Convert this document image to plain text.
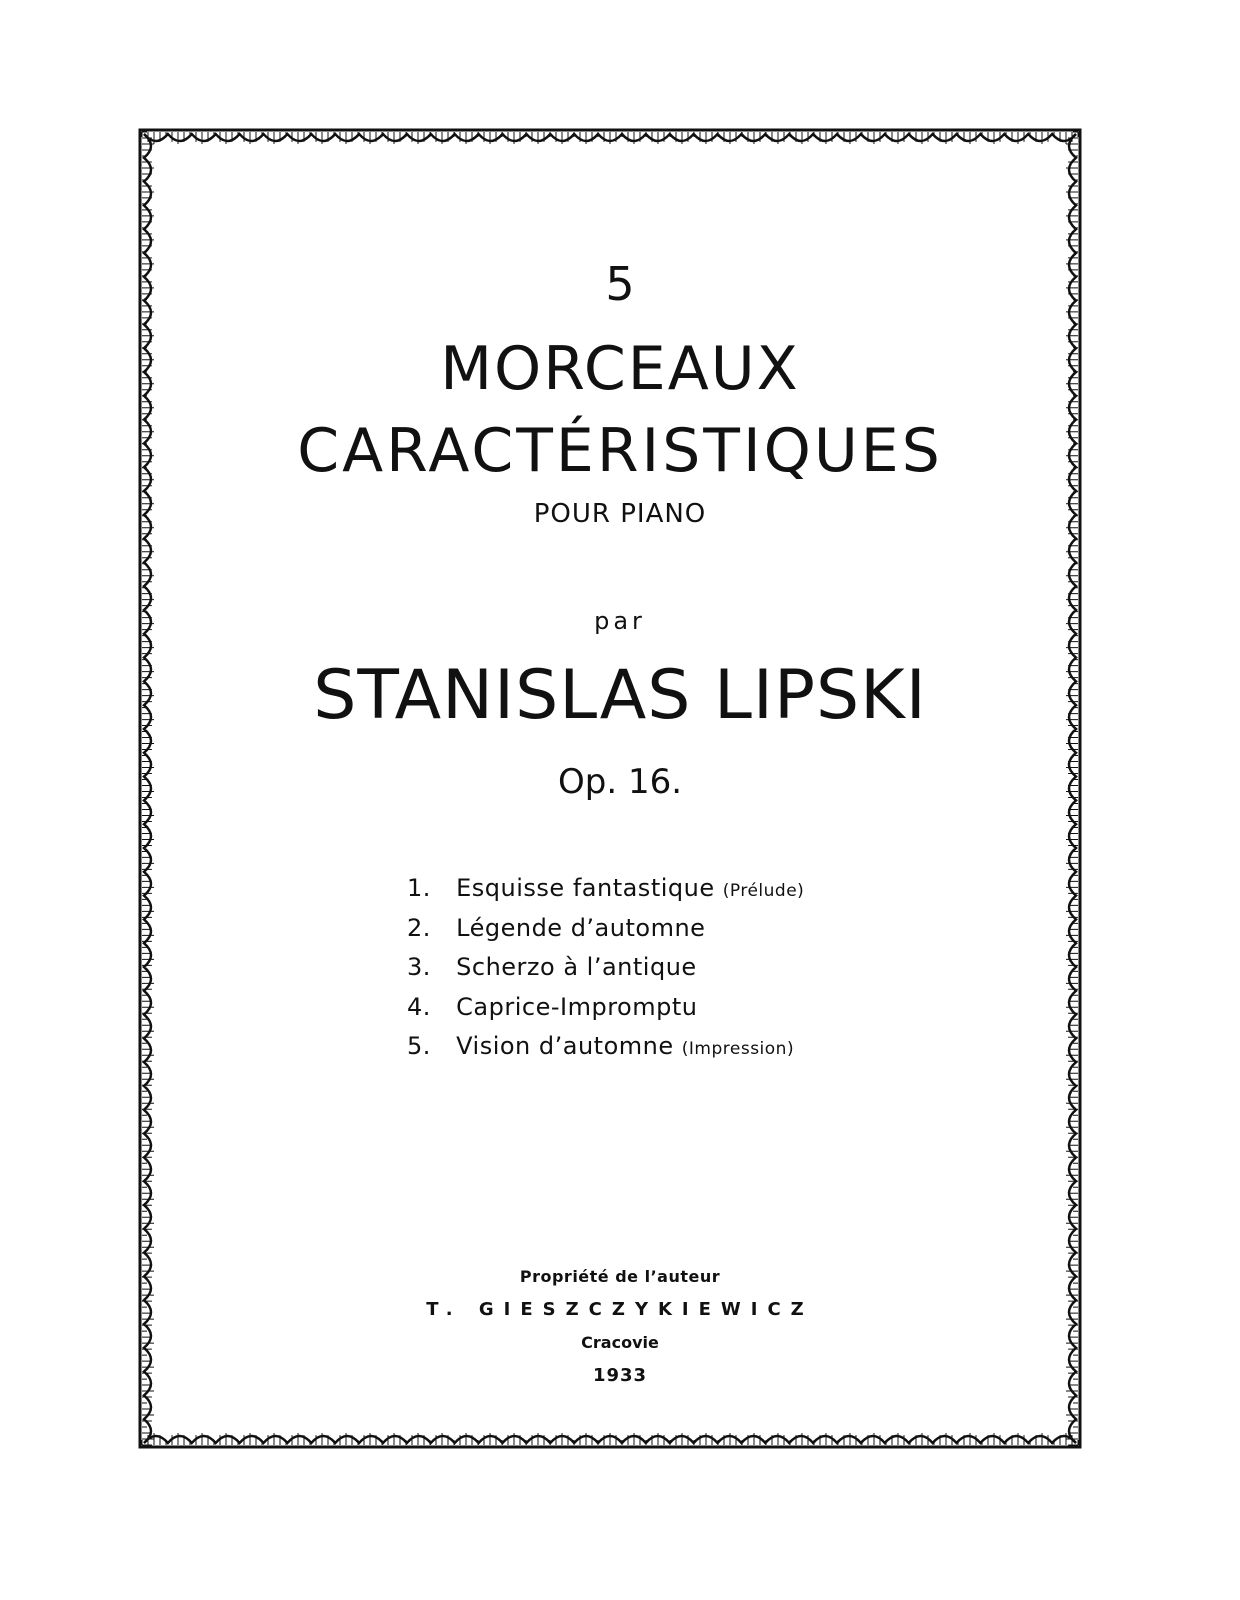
5
MORCEAUX
CARACTÉRISTIQUES
POUR PIANO
par
STANISLAS LIPSKI
Op. 16.
1. Esquisse fantastique (Prélude)
2. Légende d’automne
3. Scherzo à l’antique
4. Caprice-Impromptu
5. Vision d’automne (Impression)
Propriété de l’auteur
T. GIESZCZYKIEWICZ
Cracovie
1933
